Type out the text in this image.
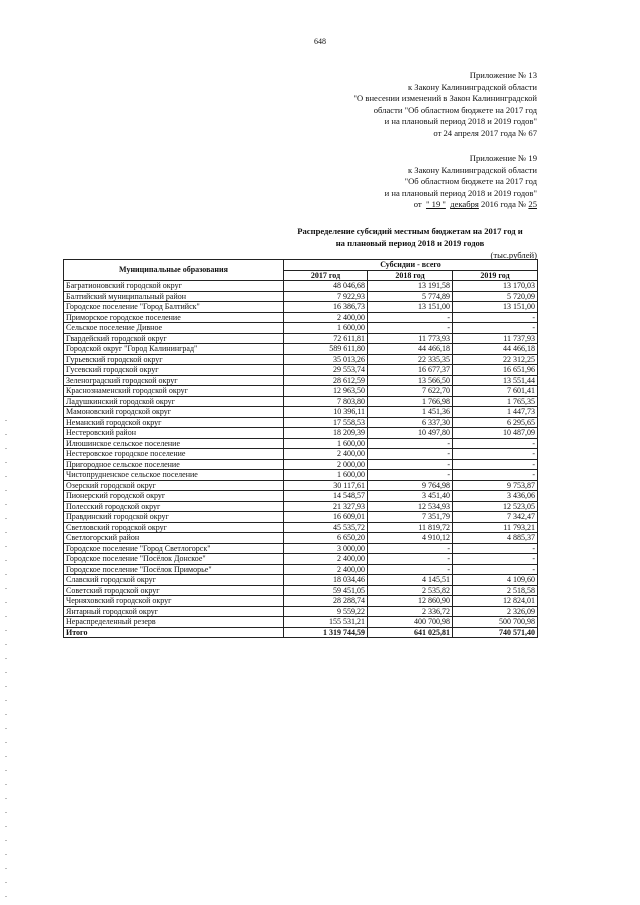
648
Приложение № 13
к Закону Калининградской области
"О внесении изменений в Закон Калининградской
области "Об областном бюджете на 2017 год
и на плановый период 2018 и 2019 годов"
от 24 апреля 2017 года № 67
Приложение № 19
к Закону Калининградской области
"Об областном бюджете на 2017 год
и на плановый период 2018 и 2019 годов"
от " 19 " декабря 2016 года № 25
Распределение субсидий местным бюджетам на 2017 год и
на плановый период 2018 и 2019 годов
(тыс.рублей)
Муниципальные образования	Субсидии - всего		
	2017 год	2018 год	2019 год
Багратионовский городской округ	48 046,68	13 191,58	13 170,03
Балтийский муниципальный район	7 922,93	5 774,89	5 720,09
Городское поселение "Город Балтийск"	16 386,73	13 151,00	13 151,00
Приморское городское поселение	2 400,00	-	-
Сельское поселение Дивное	1 600,00	-	-
Гвардейский городской округ	72 611,81	11 773,93	11 737,93
Городской округ "Город Калининград"	589 611,80	44 466,18	44 466,18
Гурьевский городской округ	35 013,26	22 335,35	22 312,25
Гусевский городской округ	29 553,74	16 677,37	16 651,96
Зеленоградский городской округ	28 612,59	13 566,50	13 551,44
Краснознаменский городской округ	12 963,50	7 622,70	7 601,41
Ладушкинский городской округ	7 803,80	1 766,98	1 765,35
Мамоновский городской округ	10 396,11	1 451,36	1 447,73
Неманский городской округ	17 558,53	6 337,30	6 295,65
Нестеровский район	18 209,39	10 497,80	10 487,09
Илюшинское сельское поселение	1 600,00	-	-
Нестеровское городское поселение	2 400,00	-	-
Пригородное сельское поселение	2 000,00	-	-
Чистопрудненское сельское поселение	1 600,00	-	-
Озерский городской округ	30 117,61	9 764,98	9 753,87
Пионерский городской округ	14 548,57	3 451,40	3 436,06
Полесский городской округ	21 327,93	12 534,93	12 523,05
Правдинский городской округ	16 609,01	7 351,79	7 342,47
Светловский городской округ	45 535,72	11 819,72	11 793,21
Светлогорский район	6 650,20	4 910,12	4 885,37
Городское поселение "Город Светлогорск"	3 000,00	-	-
Городское поселение "Посёлок Донское"	2 400,00	-	-
Городское поселение "Посёлок Приморье"	2 400,00	-	-
Славский городской округ	18 034,46	4 145,51	4 109,60
Советский городской округ	59 451,05	2 535,82	2 518,58
Черняховский городской округ	28 288,74	12 860,90	12 824,01
Янтарный городской округ	9 559,22	2 336,72	2 326,09
Нераспределенный резерв	155 531,21	400 700,98	500 700,98
Итого	1 319 744,59	641 025,81	740 571,40
